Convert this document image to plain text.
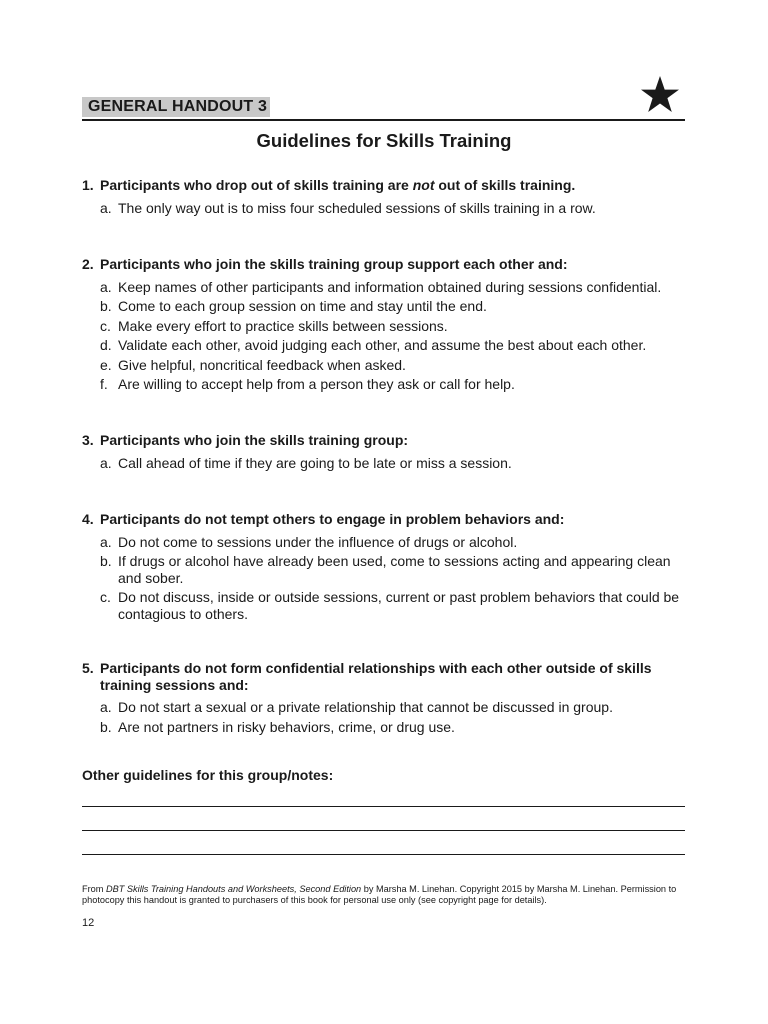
GENERAL HANDOUT 3
Guidelines for Skills Training
1. Participants who drop out of skills training are not out of skills training.
a. The only way out is to miss four scheduled sessions of skills training in a row.
2. Participants who join the skills training group support each other and:
a. Keep names of other participants and information obtained during sessions confidential.
b. Come to each group session on time and stay until the end.
c. Make every effort to practice skills between sessions.
d. Validate each other, avoid judging each other, and assume the best about each other.
e. Give helpful, noncritical feedback when asked.
f. Are willing to accept help from a person they ask or call for help.
3. Participants who join the skills training group:
a. Call ahead of time if they are going to be late or miss a session.
4. Participants do not tempt others to engage in problem behaviors and:
a. Do not come to sessions under the influence of drugs or alcohol.
b. If drugs or alcohol have already been used, come to sessions acting and appearing clean and sober.
c. Do not discuss, inside or outside sessions, current or past problem behaviors that could be contagious to others.
5. Participants do not form confidential relationships with each other outside of skills training sessions and:
a. Do not start a sexual or a private relationship that cannot be discussed in group.
b. Are not partners in risky behaviors, crime, or drug use.
Other guidelines for this group/notes:
From DBT Skills Training Handouts and Worksheets, Second Edition by Marsha M. Linehan. Copyright 2015 by Marsha M. Linehan. Permission to photocopy this handout is granted to purchasers of this book for personal use only (see copyright page for details).
12
